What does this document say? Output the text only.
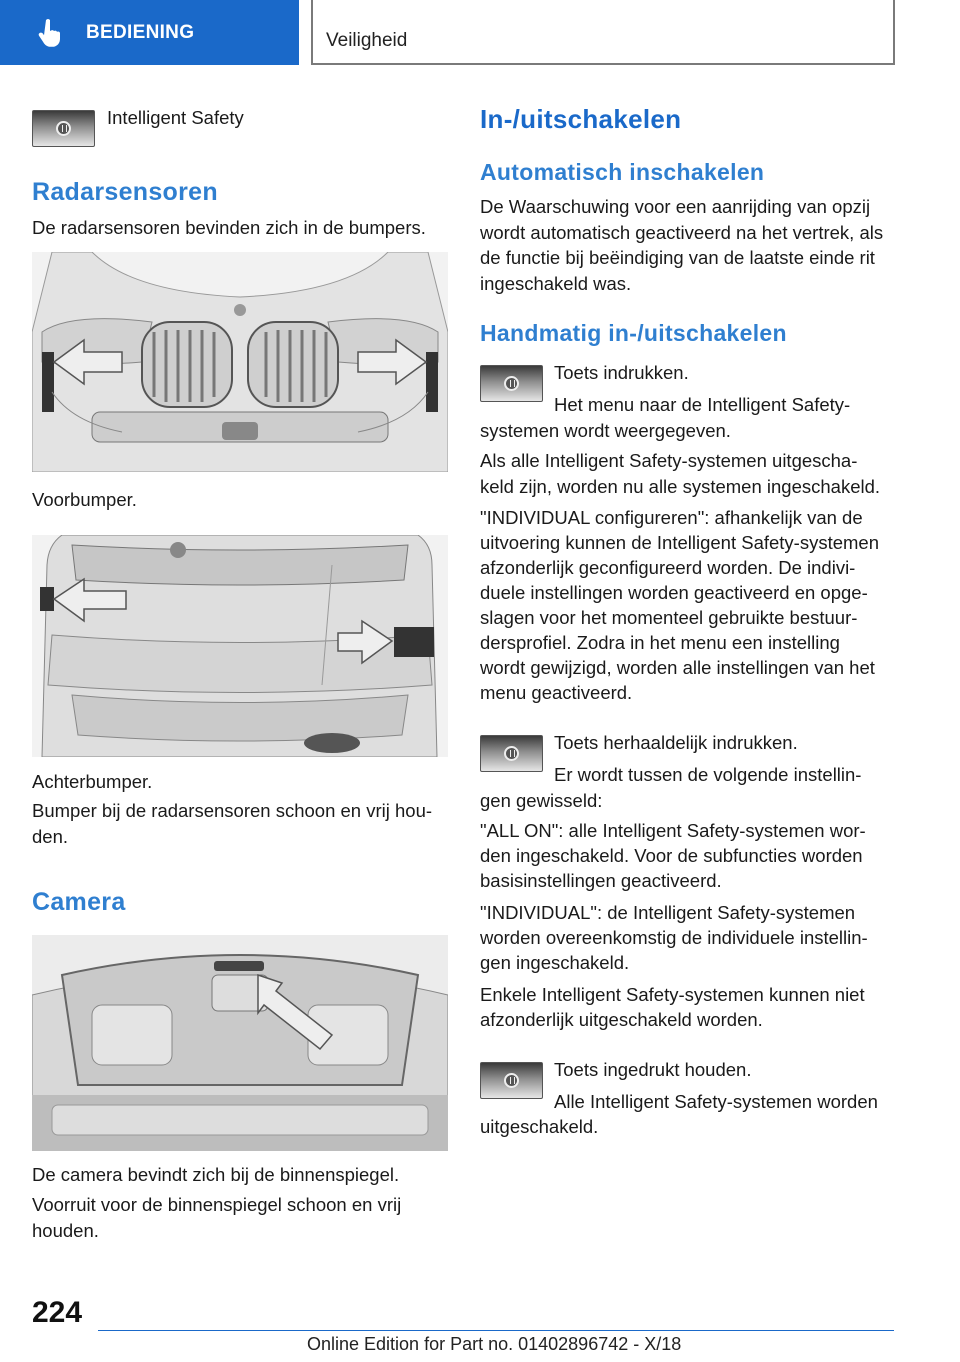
BEDIENING	Veiligheid
Intelligent Safety
Radarsensoren
De radarsensoren bevinden zich in de bumpers.
Voorbumper.
Achterbumper.
Bumper bij de radarsensoren schoon en vrij hou-
den.
Camera
De camera bevindt zich bij de binnenspiegel.
Voorruit voor de binnenspiegel schoon en vrij
houden.
In-/uitschakelen
Automatisch inschakelen
De Waarschuwing voor een aanrijding van opzij
wordt automatisch geactiveerd na het vertrek, als
de functie bij beëindiging van de laatste einde rit
ingeschakeld was.
Handmatig in-/uitschakelen
Toets indrukken.
Het menu naar de Intelligent Safety-
systemen wordt weergegeven.
Als alle Intelligent Safety-systemen uitgescha-
keld zijn, worden nu alle systemen ingeschakeld.
"INDIVIDUAL configureren": afhankelijk van de
uitvoering kunnen de Intelligent Safety-systemen
afzonderlijk geconfigureerd worden. De indivi-
duele instellingen worden geactiveerd en opge-
slagen voor het momenteel gebruikte bestuur-
dersprofiel. Zodra in het menu een instelling
wordt gewijzigd, worden alle instellingen van het
menu geactiveerd.
Toets herhaaldelijk indrukken.
Er wordt tussen de volgende instellin-
gen gewisseld:
"ALL ON": alle Intelligent Safety-systemen wor-
den ingeschakeld. Voor de subfuncties worden
basisinstellingen geactiveerd.
"INDIVIDUAL": de Intelligent Safety-systemen
worden overeenkomstig de individuele instellin-
gen ingeschakeld.
Enkele Intelligent Safety-systemen kunnen niet
afzonderlijk uitgeschakeld worden.
Toets ingedrukt houden.
Alle Intelligent Safety-systemen worden
uitgeschakeld.
224
Online Edition for Part no. 01402896742 - X/18
